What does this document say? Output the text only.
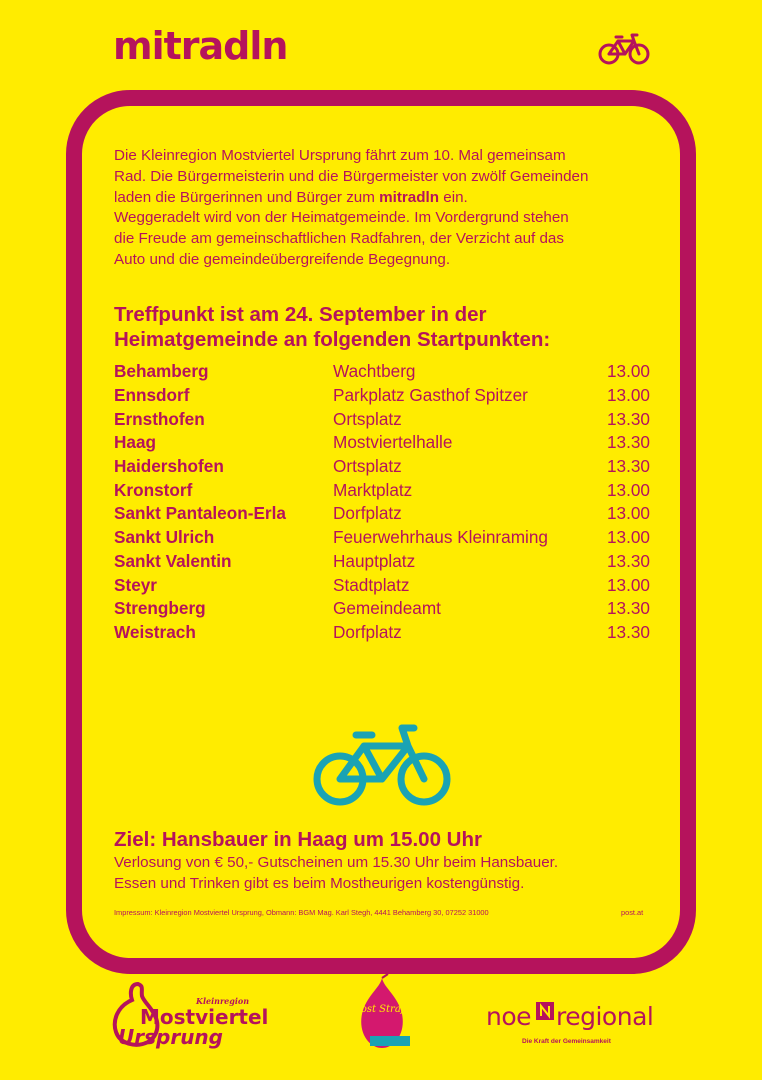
mitradln

Die Kleinregion Mostviertel Ursprung fährt zum 10. Mal gemeinsam
Rad. Die Bürgermeisterin und die Bürgermeister von zwölf Gemeinden
laden die Bürgerinnen und Bürger zum mitradln ein.
Weggeradelt wird von der Heimatgemeinde. Im Vordergrund stehen
die Freude am gemeinschaftlichen Radfahren, der Verzicht auf das
Auto und die gemeindeübergreifende Begegnung.

Treffpunkt ist am 24. September in der
Heimatgemeinde an folgenden Startpunkten:
Behamberg	Wachtberg	13.00
Ennsdorf	Parkplatz Gasthof Spitzer	13.00
Ernsthofen	Ortsplatz	13.30
Haag	Mostviertelhalle	13.30
Haidershofen	Ortsplatz	13.30
Kronstorf	Marktplatz	13.00
Sankt Pantaleon-Erla	Dorfplatz	13.00
Sankt Ulrich	Feuerwehrhaus Kleinraming	13.00
Sankt Valentin	Hauptplatz	13.30
Steyr	Stadtplatz	13.00
Strengberg	Gemeindeamt	13.30
Weistrach	Dorfplatz	13.30

Ziel: Hansbauer in Haag um 15.00 Uhr

Verlosung von € 50,- Gutscheinen um 15.30 Uhr beim Hansbauer.
Essen und Trinken gibt es beim Mostheurigen kostengünstig.

Impressum: Kleinregion Mostviertel Ursprung, Obmann: BGM Mag. Karl Stegh, 4441 Behamberg 30, 07252 31000	post.at
Kleinregion
Mostviertel
Ursprung
Most Straße	noe regional
Die Kraft der Gemeinsamkeit
